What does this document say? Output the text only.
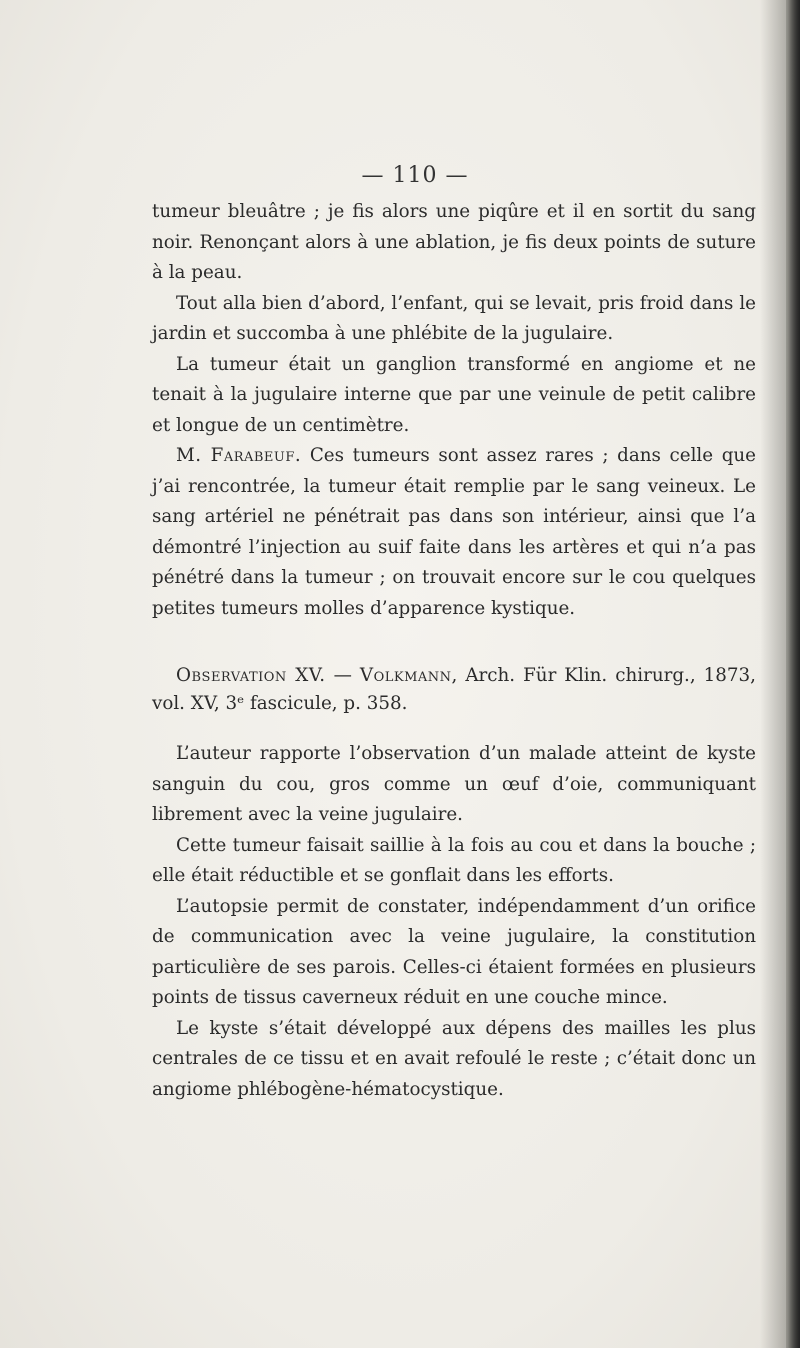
— 110 —

tumeur bleuâtre ; je fis alors une piqûre et il en sortit du sang noir. Renonçant alors à une ablation, je fis deux points de suture à la peau.

Tout alla bien d’abord, l’enfant, qui se levait, pris froid dans le jardin et succomba à une phlébite de la jugulaire.

La tumeur était un ganglion transformé en angiome et ne tenait à la jugulaire interne que par une veinule de petit calibre et longue de un centimètre.

M. Farabeuf. Ces tumeurs sont assez rares ; dans celle que j’ai rencontrée, la tumeur était remplie par le sang veineux. Le sang artériel ne pénétrait pas dans son intérieur, ainsi que l’a démontré l’injection au suif faite dans les artères et qui n’a pas pénétré dans la tumeur ; on trouvait encore sur le cou quelques petites tumeurs molles d’apparence kystique.

Observation XV. — Volkmann, Arch. Für Klin. chirurg., 1873, vol. XV, 3ᵉ fascicule, p. 358.

L’auteur rapporte l’observation d’un malade atteint de kyste sanguin du cou, gros comme un œuf d’oie, communiquant librement avec la veine jugulaire.

Cette tumeur faisait saillie à la fois au cou et dans la bouche ; elle était réductible et se gonflait dans les efforts.

L’autopsie permit de constater, indépendamment d’un orifice de communication avec la veine jugulaire, la constitution particulière de ses parois. Celles-ci étaient formées en plusieurs points de tissus caverneux réduit en une couche mince.

Le kyste s’était développé aux dépens des mailles les plus centrales de ce tissu et en avait refoulé le reste ; c’était donc un angiome phlébogène-hématocystique.
